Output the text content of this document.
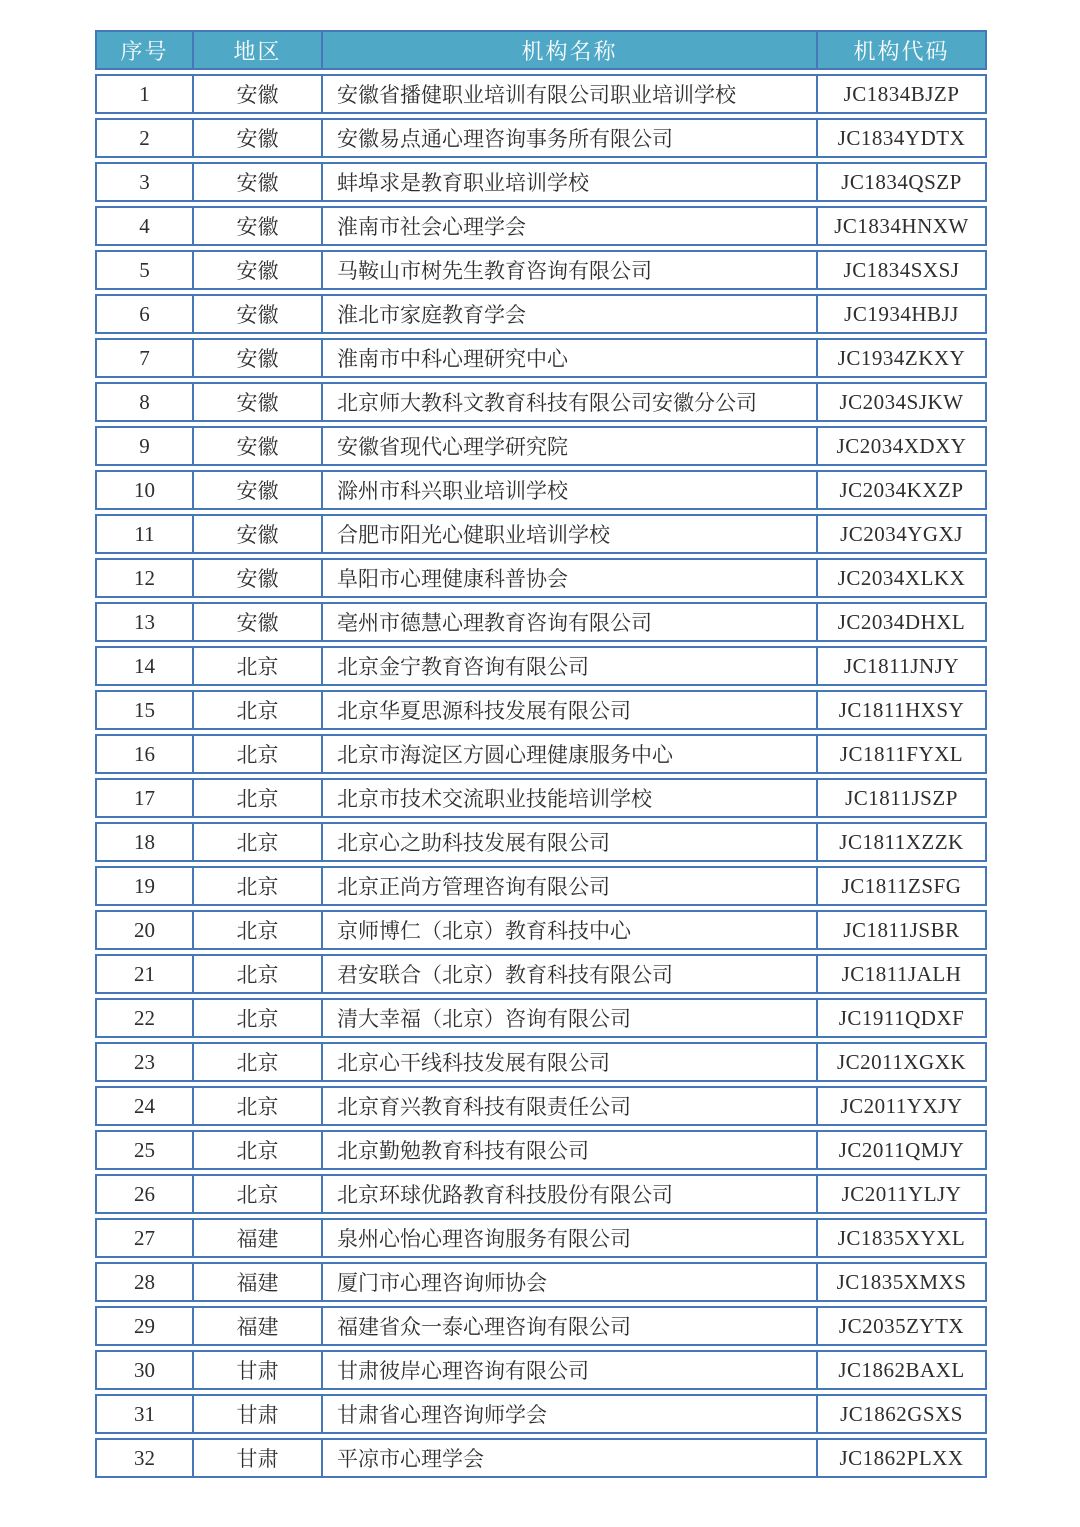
序号	地区	机构名称	机构代码
1	安徽	安徽省播健职业培训有限公司职业培训学校	JC1834BJZP
2	安徽	安徽易点通心理咨询事务所有限公司	JC1834YDTX
3	安徽	蚌埠求是教育职业培训学校	JC1834QSZP
4	安徽	淮南市社会心理学会	JC1834HNXW
5	安徽	马鞍山市树先生教育咨询有限公司	JC1834SXSJ
6	安徽	淮北市家庭教育学会	JC1934HBJJ
7	安徽	淮南市中科心理研究中心	JC1934ZKXY
8	安徽	北京师大教科文教育科技有限公司安徽分公司	JC2034SJKW
9	安徽	安徽省现代心理学研究院	JC2034XDXY
10	安徽	滁州市科兴职业培训学校	JC2034KXZP
11	安徽	合肥市阳光心健职业培训学校	JC2034YGXJ
12	安徽	阜阳市心理健康科普协会	JC2034XLKX
13	安徽	亳州市德慧心理教育咨询有限公司	JC2034DHXL
14	北京	北京金宁教育咨询有限公司	JC1811JNJY
15	北京	北京华夏思源科技发展有限公司	JC1811HXSY
16	北京	北京市海淀区方圆心理健康服务中心	JC1811FYXL
17	北京	北京市技术交流职业技能培训学校	JC1811JSZP
18	北京	北京心之助科技发展有限公司	JC1811XZZK
19	北京	北京正尚方管理咨询有限公司	JC1811ZSFG
20	北京	京师博仁（北京）教育科技中心	JC1811JSBR
21	北京	君安联合（北京）教育科技有限公司	JC1811JALH
22	北京	清大幸福（北京）咨询有限公司	JC1911QDXF
23	北京	北京心干线科技发展有限公司	JC2011XGXK
24	北京	北京育兴教育科技有限责任公司	JC2011YXJY
25	北京	北京勤勉教育科技有限公司	JC2011QMJY
26	北京	北京环球优路教育科技股份有限公司	JC2011YLJY
27	福建	泉州心怡心理咨询服务有限公司	JC1835XYXL
28	福建	厦门市心理咨询师协会	JC1835XMXS
29	福建	福建省众一泰心理咨询有限公司	JC2035ZYTX
30	甘肃	甘肃彼岸心理咨询有限公司	JC1862BAXL
31	甘肃	甘肃省心理咨询师学会	JC1862GSXS
32	甘肃	平凉市心理学会	JC1862PLXX
